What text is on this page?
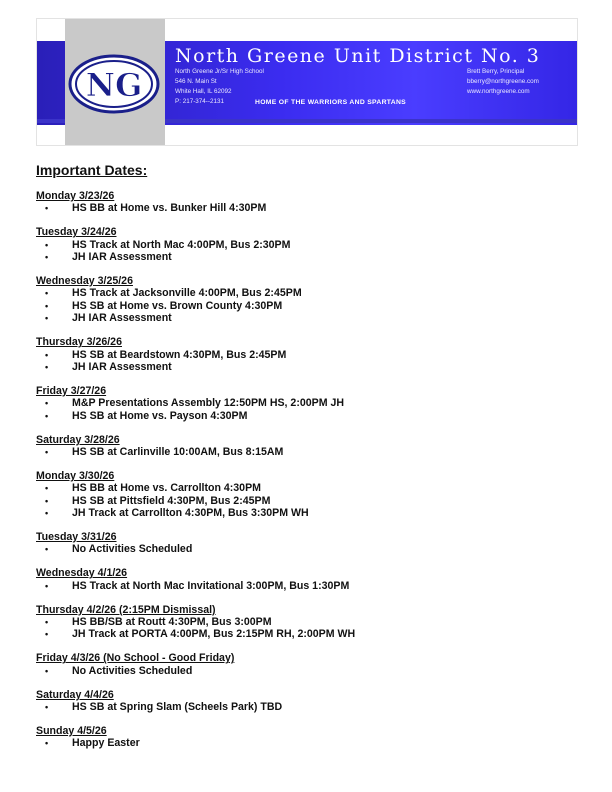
NG
North Greene Unit District No. 3
North Greene Jr/Sr High School
546 N. Main St
White Hall, IL 62092
P: 217-374--2131
Brett Berry, Principal
bberry@northgreene.com
www.northgreene.com
HOME OF THE WARRIORS AND SPARTANS
Important Dates:
Monday 3/23/26
• HS BB at Home vs. Bunker Hill 4:30PM
Tuesday 3/24/26
• HS Track at North Mac 4:00PM, Bus 2:30PM
• JH IAR Assessment
Wednesday 3/25/26
• HS Track at Jacksonville 4:00PM, Bus 2:45PM
• HS SB at Home vs. Brown County 4:30PM
• JH IAR Assessment
Thursday 3/26/26
• HS SB at Beardstown 4:30PM, Bus 2:45PM
• JH IAR Assessment
Friday 3/27/26
• M&P Presentations Assembly 12:50PM HS, 2:00PM JH
• HS SB at Home vs. Payson 4:30PM
Saturday 3/28/26
• HS SB at Carlinville 10:00AM, Bus 8:15AM
Monday 3/30/26
• HS BB at Home vs. Carrollton 4:30PM
• HS SB at Pittsfield 4:30PM, Bus 2:45PM
• JH Track at Carrollton 4:30PM, Bus 3:30PM WH
Tuesday 3/31/26
• No Activities Scheduled
Wednesday 4/1/26
• HS Track at North Mac Invitational 3:00PM, Bus 1:30PM
Thursday 4/2/26 (2:15PM Dismissal)
• HS BB/SB at Routt 4:30PM, Bus 3:00PM
• JH Track at PORTA 4:00PM, Bus 2:15PM RH, 2:00PM WH
Friday 4/3/26 (No School - Good Friday)
• No Activities Scheduled
Saturday 4/4/26
• HS SB at Spring Slam (Scheels Park) TBD
Sunday 4/5/26
• Happy Easter
